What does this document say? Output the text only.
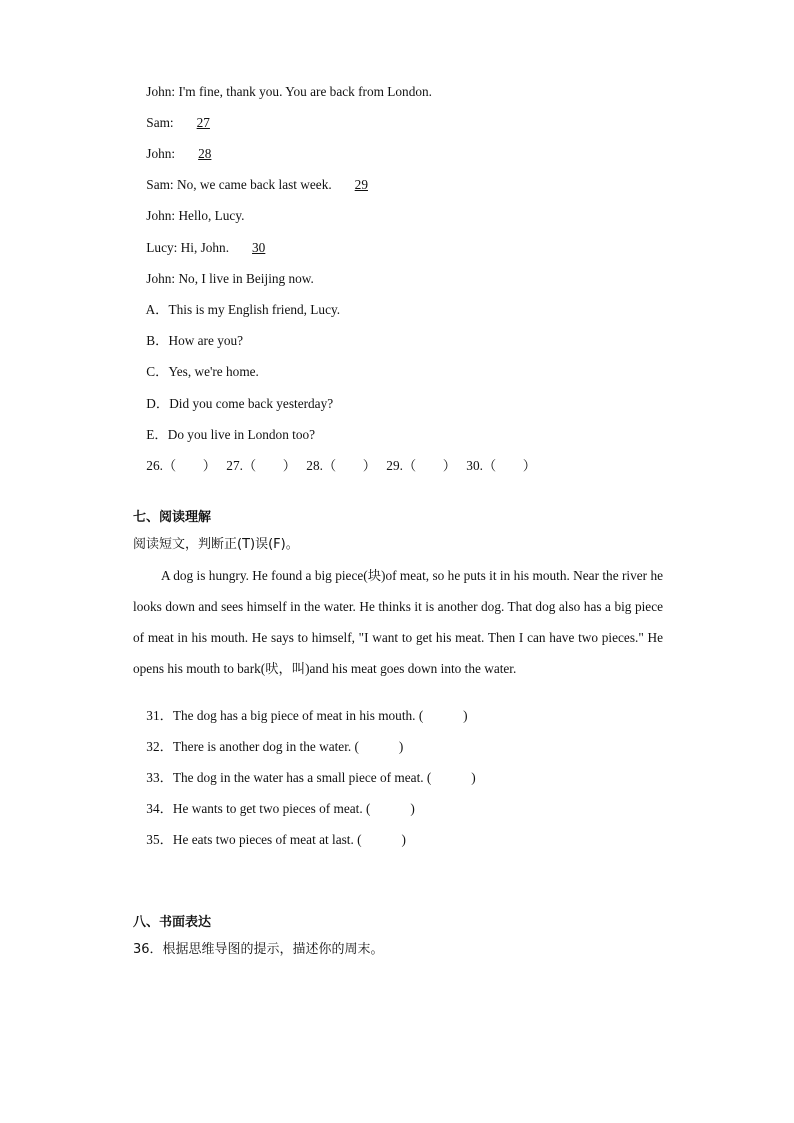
John: I'm fine, thank you. You are back from London.

Sam: 27

John: 28

Sam: No, we came back last week. 29

John: Hello, Lucy.

Lucy: Hi, John. 30

John: No, I live in Beijing now.

A．This is my English friend, Lucy.

B．How are you?

C．Yes, we're home.

D．Did you come back yesterday?

E．Do you live in London too?

26.（　　） 27.（　　） 28.（　　） 29.（　　） 30.（　　）

七、阅读理解
阅读短文，判断正(T)误(F)。
A dog is hungry. He found a big piece(块)of meat, so he puts it in his mouth. Near the river he looks down and sees himself in the water. He thinks it is another dog. That dog also has a big piece of meat in his mouth. He says to himself, "I want to get his meat. Then I can have two pieces." He opens his mouth to bark(吠，叫)and his meat goes down into the water.

31．The dog has a big piece of meat in his mouth. (　　　)

32．There is another dog in the water. (　　　)

33．The dog in the water has a small piece of meat. (　　　)

34．He wants to get two pieces of meat. (　　　)

35．He eats two pieces of meat at last. (　　　)

八、书面表达
36．根据思维导图的提示，描述你的周末。
